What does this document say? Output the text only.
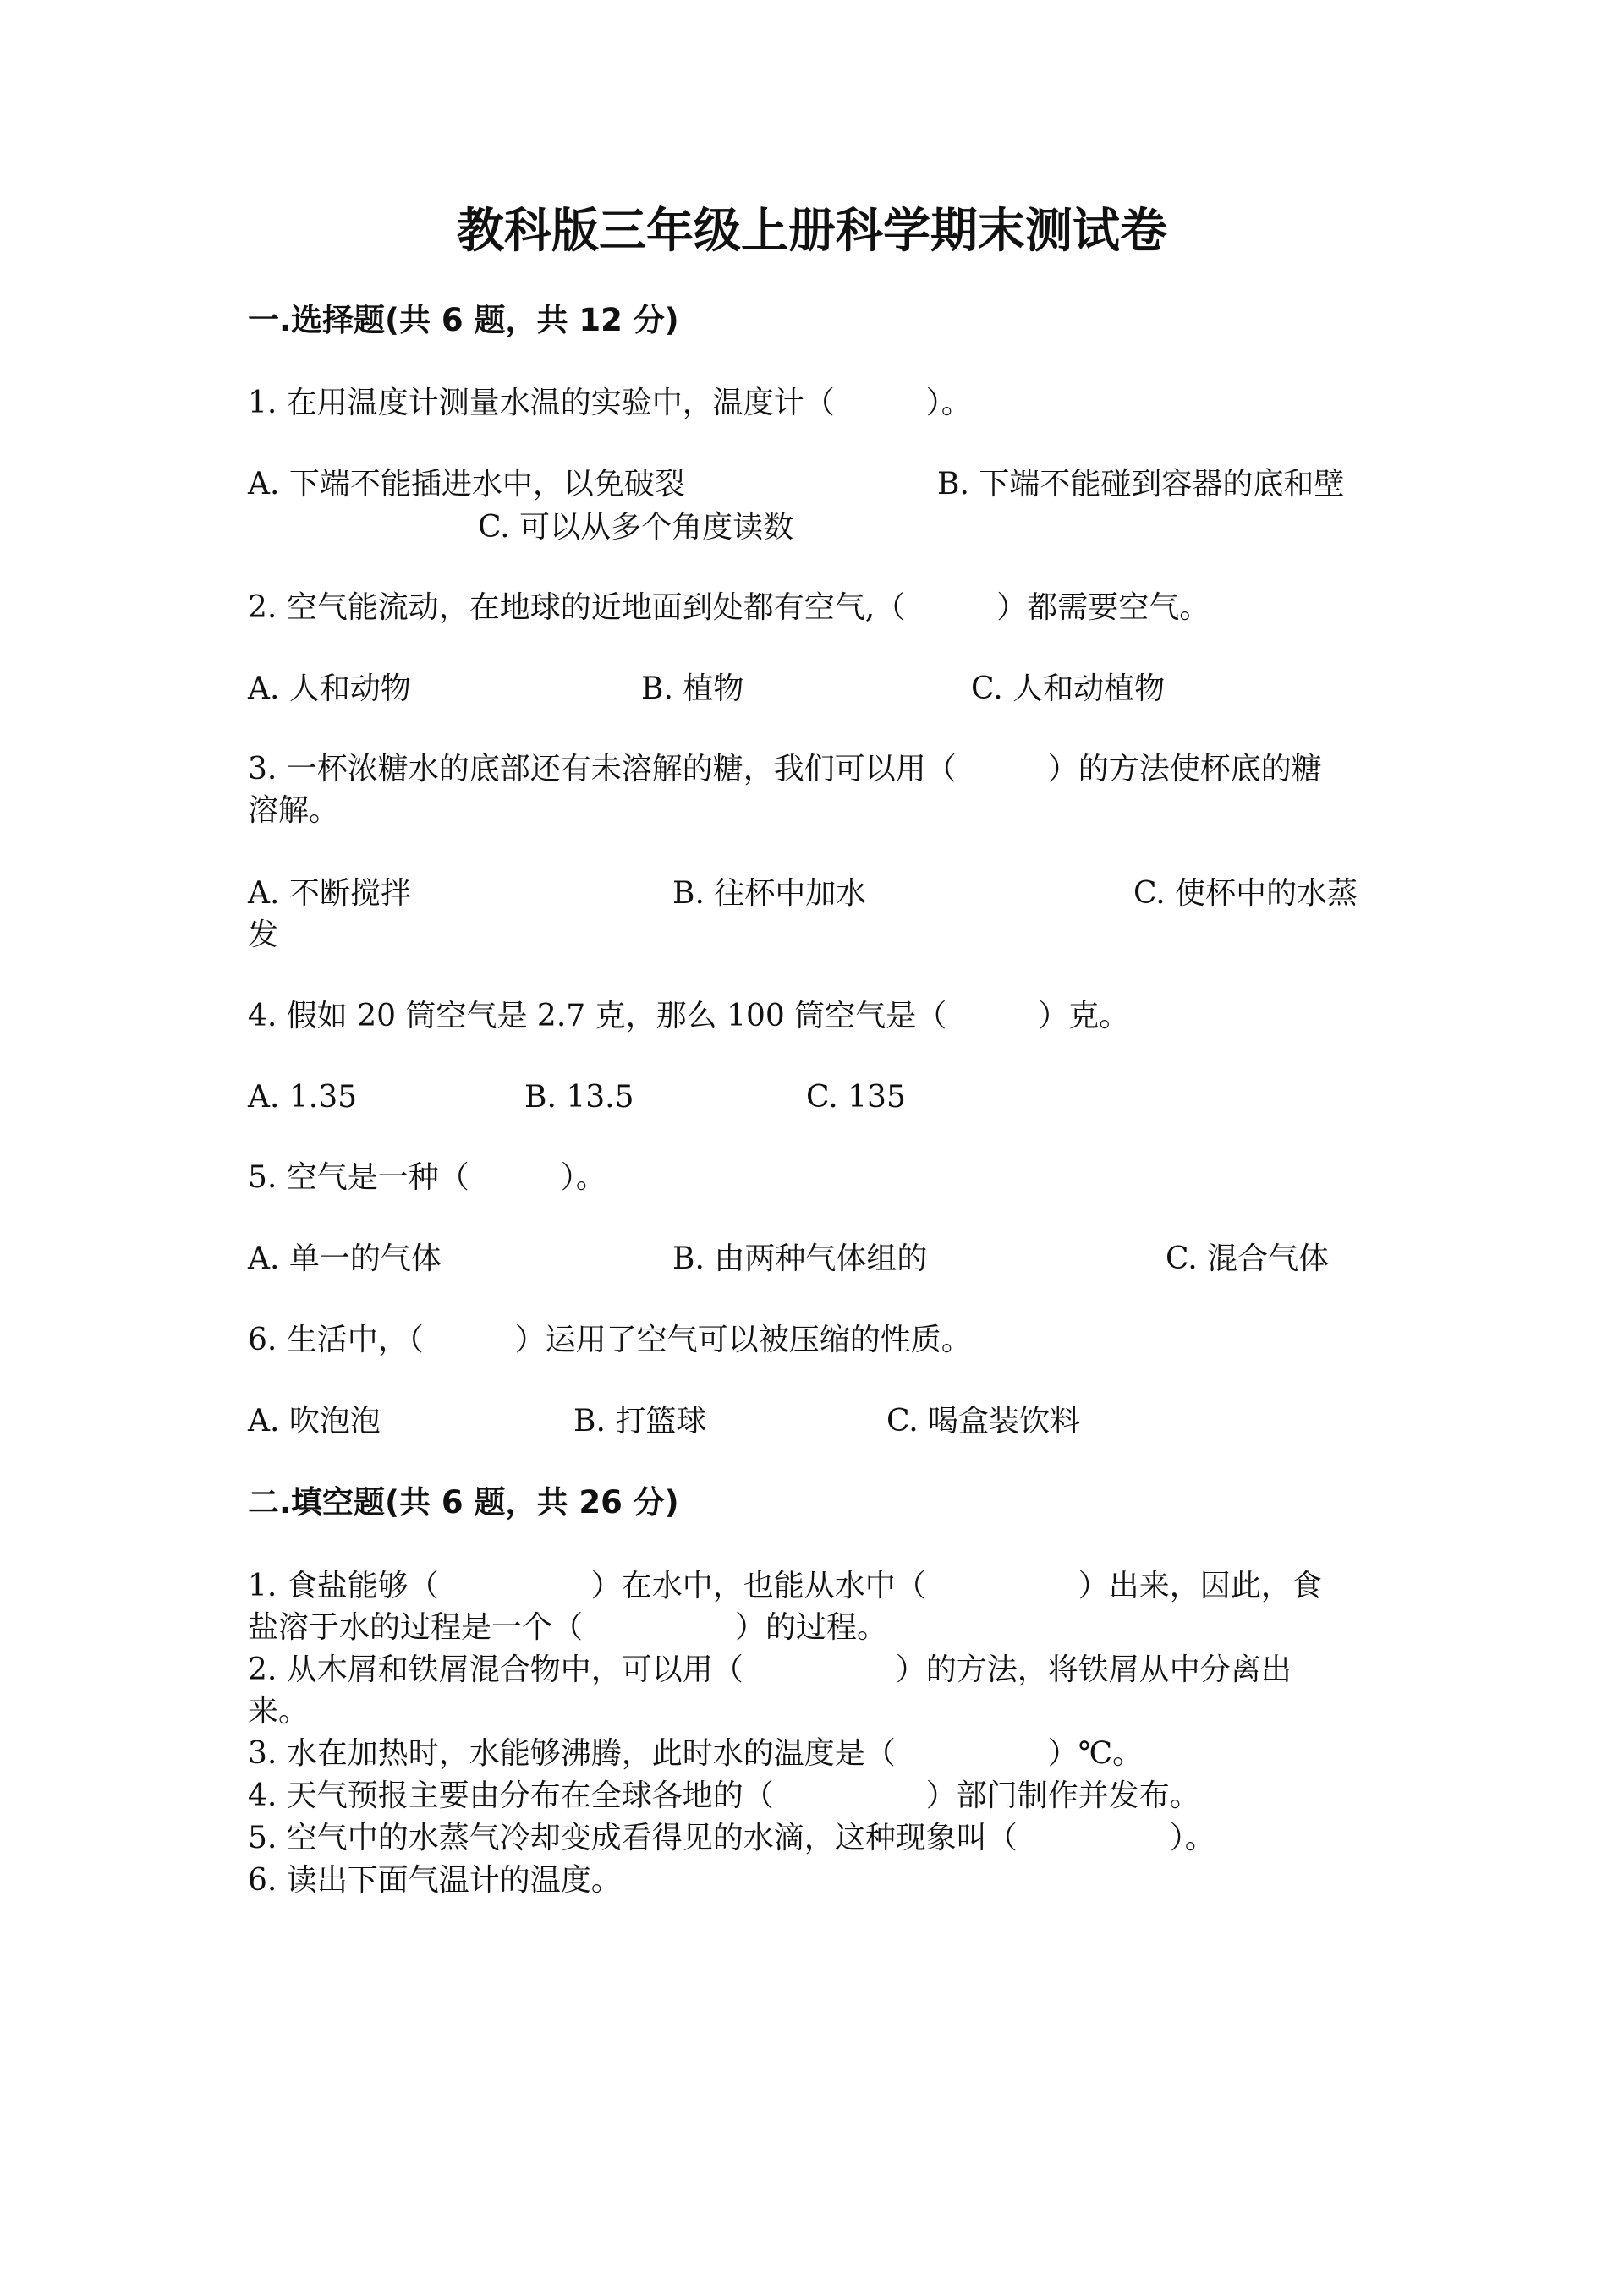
教科版三年级上册科学期末测试卷
一.选择题(共 6 题，共 12 分)
1. 在用温度计测量水温的实验中，温度计（　　　）。
A. 下端不能插进水中，以免破裂	B. 下端不能碰到容器的底和壁
C. 可以从多个角度读数
2. 空气能流动，在地球的近地面到处都有空气,（　　　）都需要空气。
A. 人和动物	B. 植物	C. 人和动植物
3. 一杯浓糖水的底部还有未溶解的糖，我们可以用（　　　）的方法使杯底的糖
溶解。
A. 不断搅拌	B. 往杯中加水	C. 使杯中的水蒸
发
4. 假如 20 筒空气是 2.7 克，那么 100 筒空气是（　　　）克。
A. 1.35	B. 13.5	C. 135
5. 空气是一种（　　　）。
A. 单一的气体	B. 由两种气体组的	C. 混合气体
6. 生活中，（　　　）运用了空气可以被压缩的性质。
A. 吹泡泡	B. 打篮球	C. 喝盒装饮料
二.填空题(共 6 题，共 26 分)
1. 食盐能够（　　　　　）在水中，也能从水中（　　　　　）出来，因此，食
盐溶于水的过程是一个（　　　　　）的过程。
2. 从木屑和铁屑混合物中，可以用（　　　　　）的方法，将铁屑从中分离出
来。
3. 水在加热时，水能够沸腾，此时水的温度是（　　　　　）℃。
4. 天气预报主要由分布在全球各地的（　　　　　）部门制作并发布。
5. 空气中的水蒸气冷却变成看得见的水滴，这种现象叫（　　　　　）。
6. 读出下面气温计的温度。
